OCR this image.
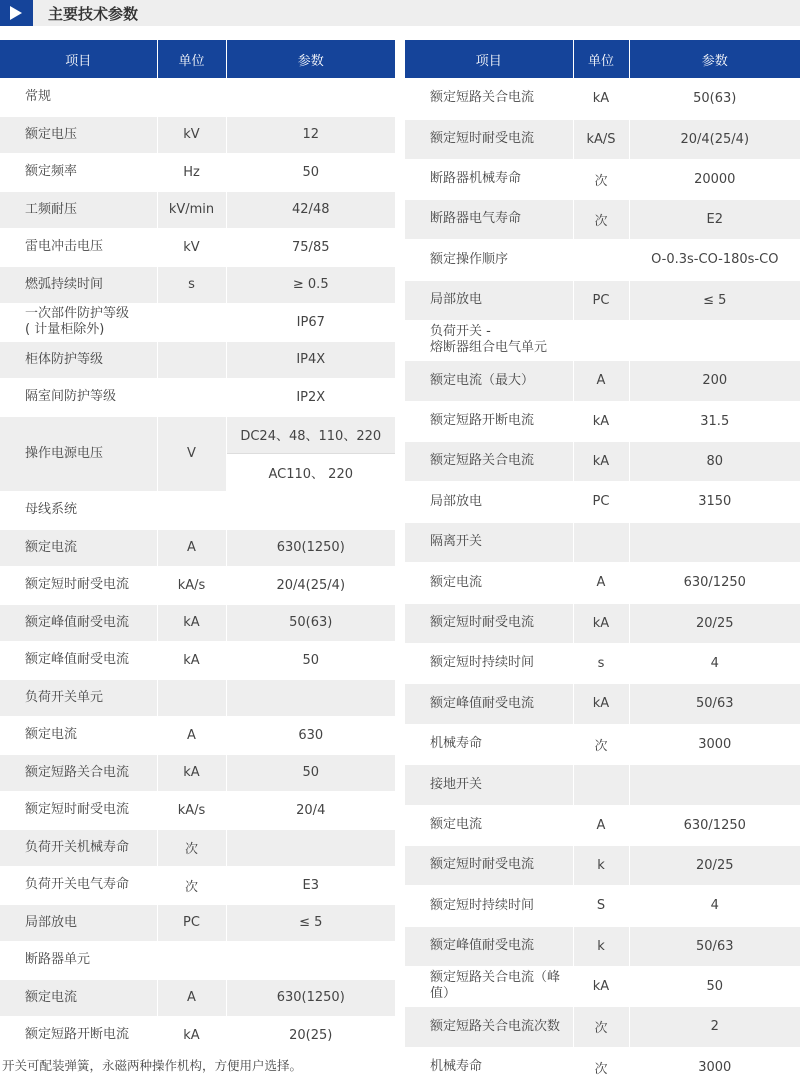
主要技术参数
项目	单位	参数
常规		
额定电压	kV	12
额定频率	Hz	50
工频耐压	kV/min	42/48
雷电冲击电压	kV	75/85
燃弧持续时间	s	≥ 0.5
一次部件防护等级
( 计量柜除外)		IP67
柜体防护等级		IP4X
隔室间防护等级		IP2X
操作电源电压	V	DC24、48、110、220
		AC110、 220
母线系统		
额定电流	A	630(1250)
额定短时耐受电流	kA/s	20/4(25/4)
额定峰值耐受电流	kA	50(63)
额定峰值耐受电流	kA	50
负荷开关单元		
额定电流	A	630
额定短路关合电流	kA	50
额定短时耐受电流	kA/s	20/4
负荷开关机械寿命	次	
负荷开关电气寿命	次	E3
局部放电	PC	≤ 5
断路器单元		
额定电流	A	630(1250)
额定短路开断电流	kA	20(25)
项目	单位	参数
额定短路关合电流	kA	50(63)
额定短时耐受电流	kA/S	20/4(25/4)
断路器机械寿命	次	20000
断路器电气寿命	次	E2
额定操作顺序		O-0.3s-CO-180s-CO
局部放电	PC	≤ 5
负荷开关 -
熔断器组合电气单元		
额定电流（最大）	A	200
额定短路开断电流	kA	31.5
额定短路关合电流	kA	80
局部放电	PC	3150
隔离开关		
额定电流	A	630/1250
额定短时耐受电流	kA	20/25
额定短时持续时间	s	4
额定峰值耐受电流	kA	50/63
机械寿命	次	3000
接地开关		
额定电流	A	630/1250
额定短时耐受电流	k	20/25
额定短时持续时间	S	4
额定峰值耐受电流	k	50/63
额定短路关合电流（峰
值）	kA	50
额定短路关合电流次数	次	2
机械寿命	次	3000
开关可配装弹簧，永磁两种操作机构，方便用户选择。
